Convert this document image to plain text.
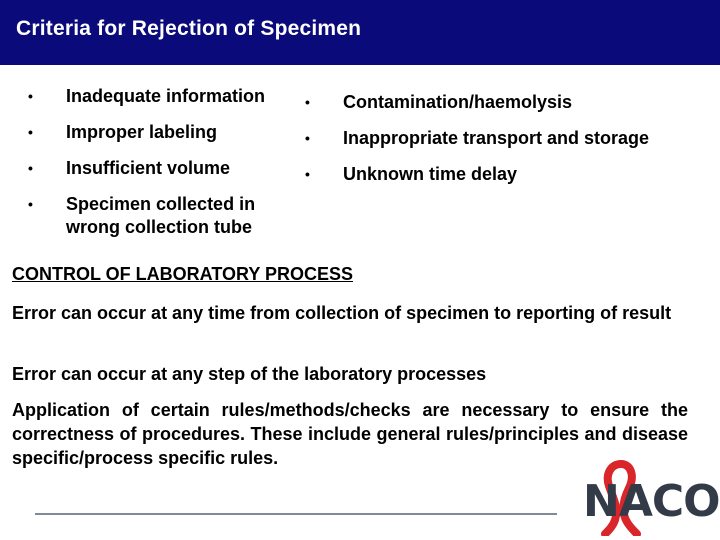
Criteria for Rejection of Specimen
• Inadequate information
• Improper labeling
• Insufficient volume
• Specimen collected in wrong collection tube
• Contamination/haemolysis
• Inappropriate transport and storage
• Unknown time delay
CONTROL OF LABORATORY PROCESS
Error can occur at any time from collection of specimen to reporting of result
Error can occur at any step of the laboratory processes
Application of certain rules/methods/checks are necessary to ensure the correctness of procedures. These include general rules/principles and disease specific/process specific rules.
NACO
